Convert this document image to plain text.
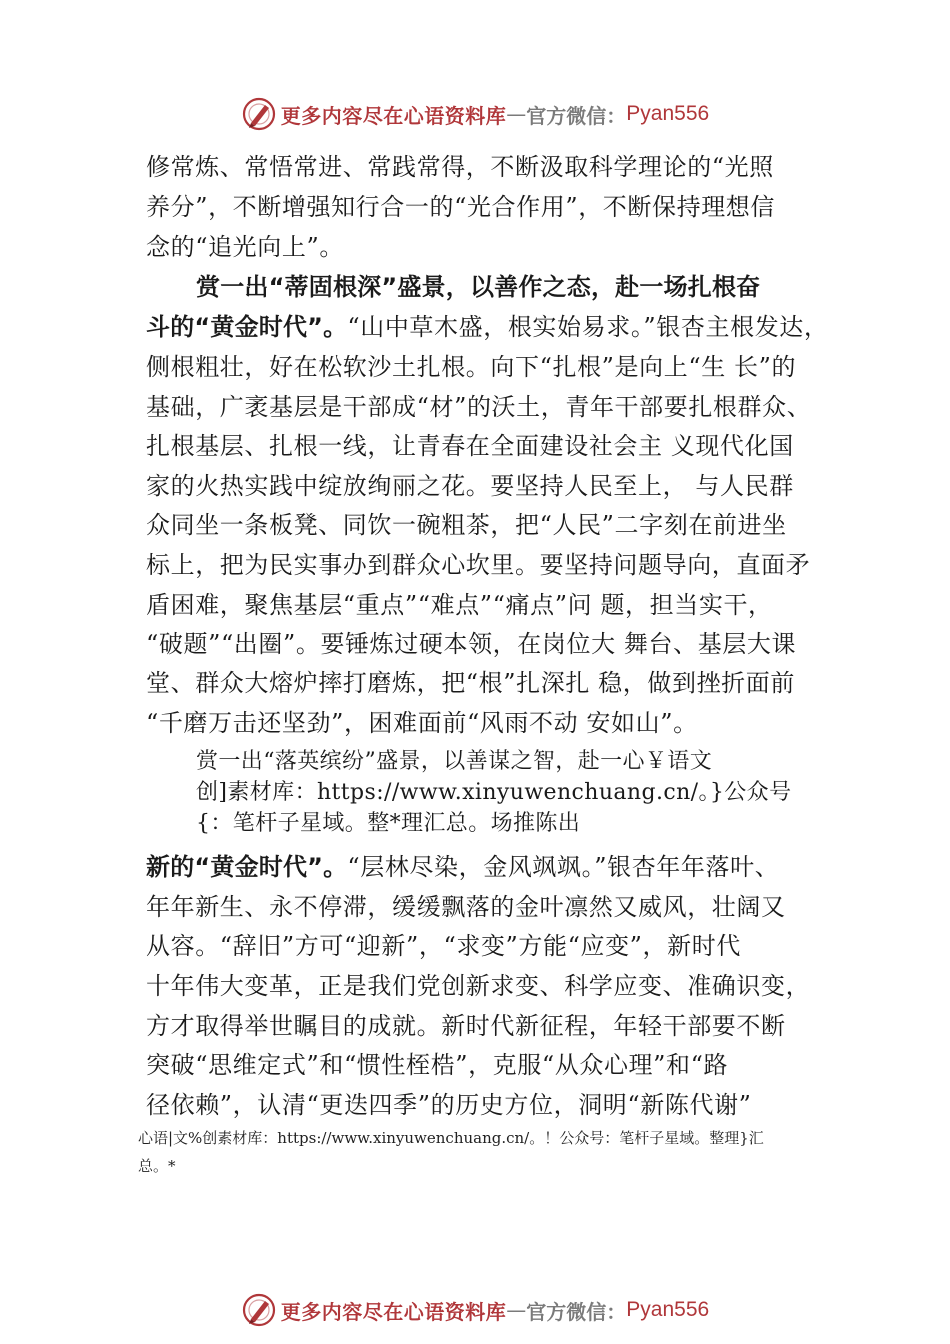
更多内容尽在心语资料库 — 官方微信： Pyan556
修常炼、常悟常进、常践常得，不断汲取科学理论的“光照
养分”，不断增强知行合一的“光合作用”，不断保持理想信
念的“追光向上”。
赏一出“蒂固根深”盛景，以善作之态，赴一场扎根奋
斗的“黄金时代”。“山中草木盛，根实始易求。”银杏主根发达，
侧根粗壮，好在松软沙土扎根。向下“扎根”是向上“生 长”的
基础，广袤基层是干部成“材”的沃土，青年干部要扎根群众、
扎根基层、扎根一线，让青春在全面建设社会主 义现代化国
家的火热实践中绽放绚丽之花。要坚持人民至上， 与人民群
众同坐一条板凳、同饮一碗粗茶，把“人民”二字刻在前进坐
标上，把为民实事办到群众心坎里。要坚持问题导向，直面矛
盾困难，聚焦基层“重点”“难点”“痛点”问 题，担当实干，
“破题”“出圈”。要锤炼过硬本领，在岗位大 舞台、基层大课
堂、群众大熔炉摔打磨炼，把“根”扎深扎 稳，做到挫折面前
“千磨万击还坚劲”，困难面前“风雨不动 安如山”。
赏一出“落英缤纷”盛景，以善谋之智，赴一心￥语文
创]素材库：https://www.xinyuwenchuang.cn/。}公众号
{：笔杆子星域。整*理汇总。场推陈出
新的“黄金时代”。“层林尽染，金风飒飒。”银杏年年落叶、
年年新生、永不停滞，缓缓飘落的金叶凛然又威风，壮阔又
从容。“辞旧”方可“迎新”，“求变”方能“应变”，新时代
十年伟大变革，正是我们党创新求变、科学应变、准确识变，
方才取得举世瞩目的成就。新时代新征程，年轻干部要不断
突破“思维定式”和“惯性桎梏”，克服“从众心理”和“路
径依赖”，认清“更迭四季”的历史方位，洞明“新陈代谢”
心语|文%创素材库：https://www.xinyuwenchuang.cn/。！公众号：笔杆子星域。整理}汇
总。*
更多内容尽在心语资料库 — 官方微信： Pyan556
